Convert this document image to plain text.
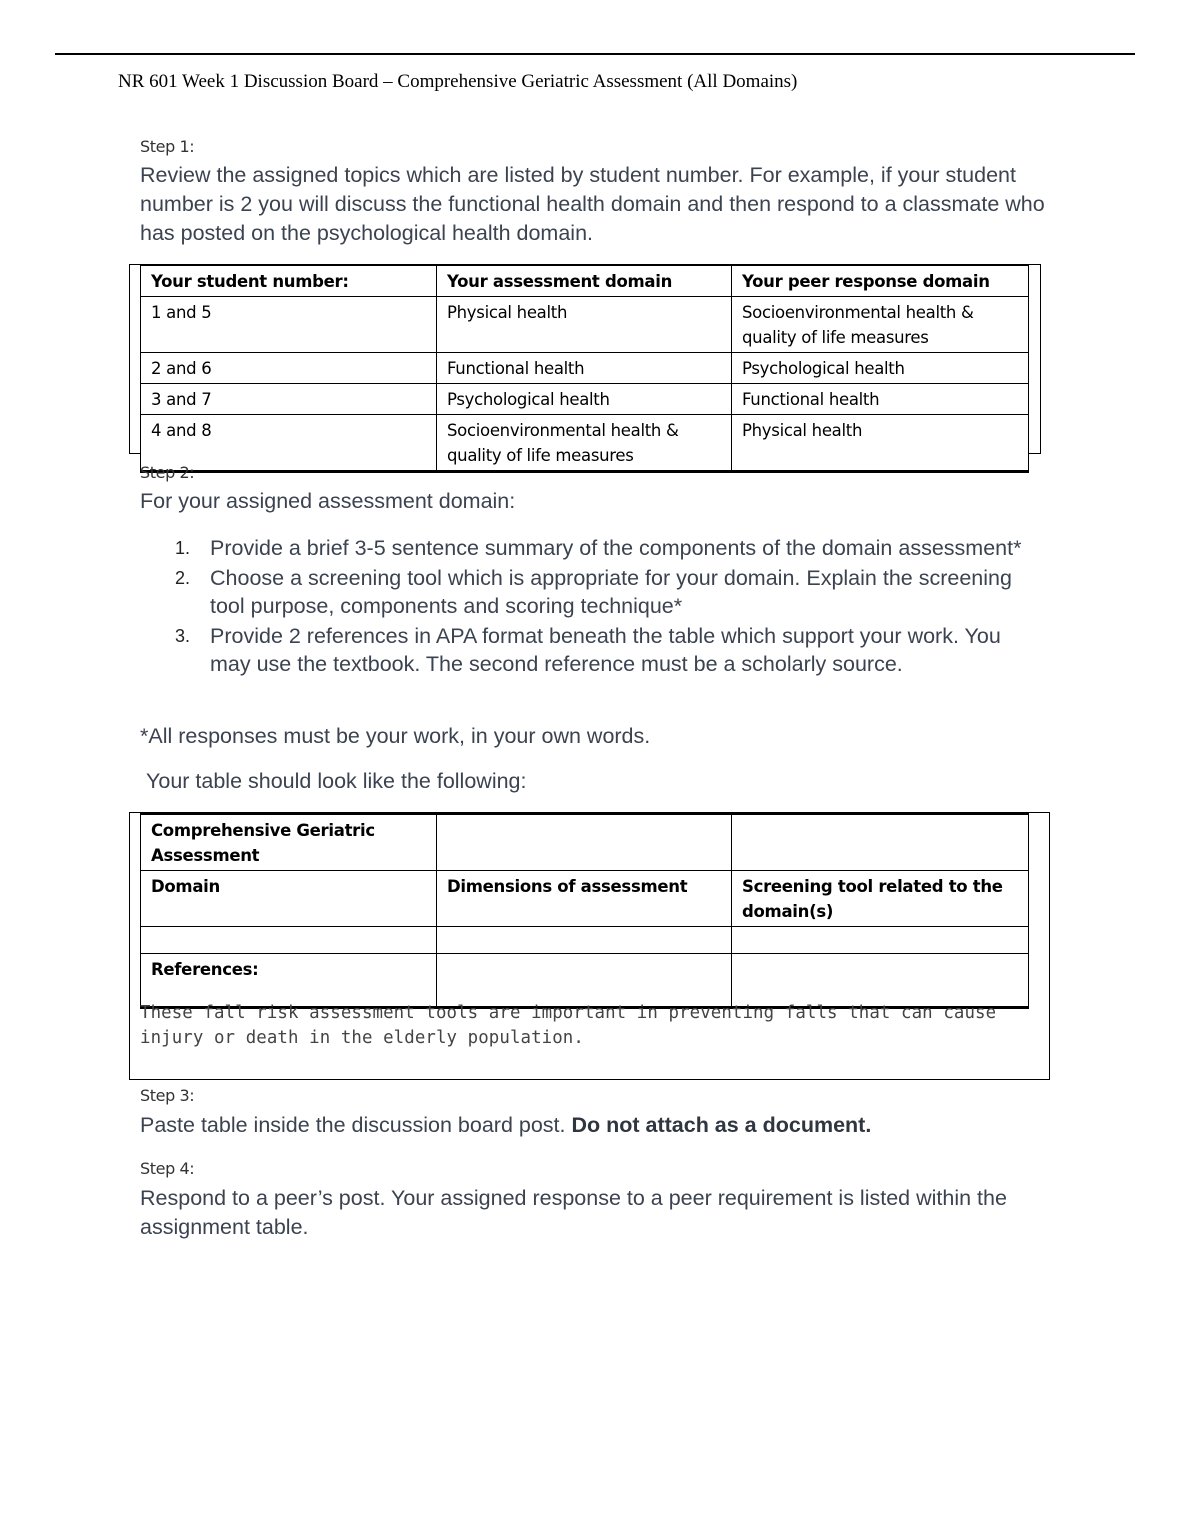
NR 601 Week 1 Discussion Board – Comprehensive Geriatric Assessment (All Domains)
Step 1:
Review the assigned topics which are listed by student number. For example, if your student number is 2 you will discuss the functional health domain and then respond to a classmate who has posted on the psychological health domain.
Your student number:	Your assessment domain	Your peer response domain
1 and 5	Physical health	Socioenvironmental health & quality of life measures
2 and 6	Functional health	Psychological health
3 and 7	Psychological health	Functional health
4 and 8	Socioenvironmental health & quality of life measures	Physical health
Step 2:
For your assigned assessment domain:
1. Provide a brief 3-5 sentence summary of the components of the domain assessment*
2. Choose a screening tool which is appropriate for your domain. Explain the screening tool purpose, components and scoring technique*
3. Provide 2 references in APA format beneath the table which support your work. You may use the textbook. The second reference must be a scholarly source.
*All responses must be your work, in your own words.
Your table should look like the following:
Comprehensive Geriatric Assessment		
Domain	Dimensions of assessment	Screening tool related to the domain(s)

References:		
These fall risk assessment tools are important in preventing falls that can cause injury or death in the elderly population.
Step 3:
Paste table inside the discussion board post. Do not attach as a document.
Step 4:
Respond to a peer’s post. Your assigned response to a peer requirement is listed within the assignment table.
